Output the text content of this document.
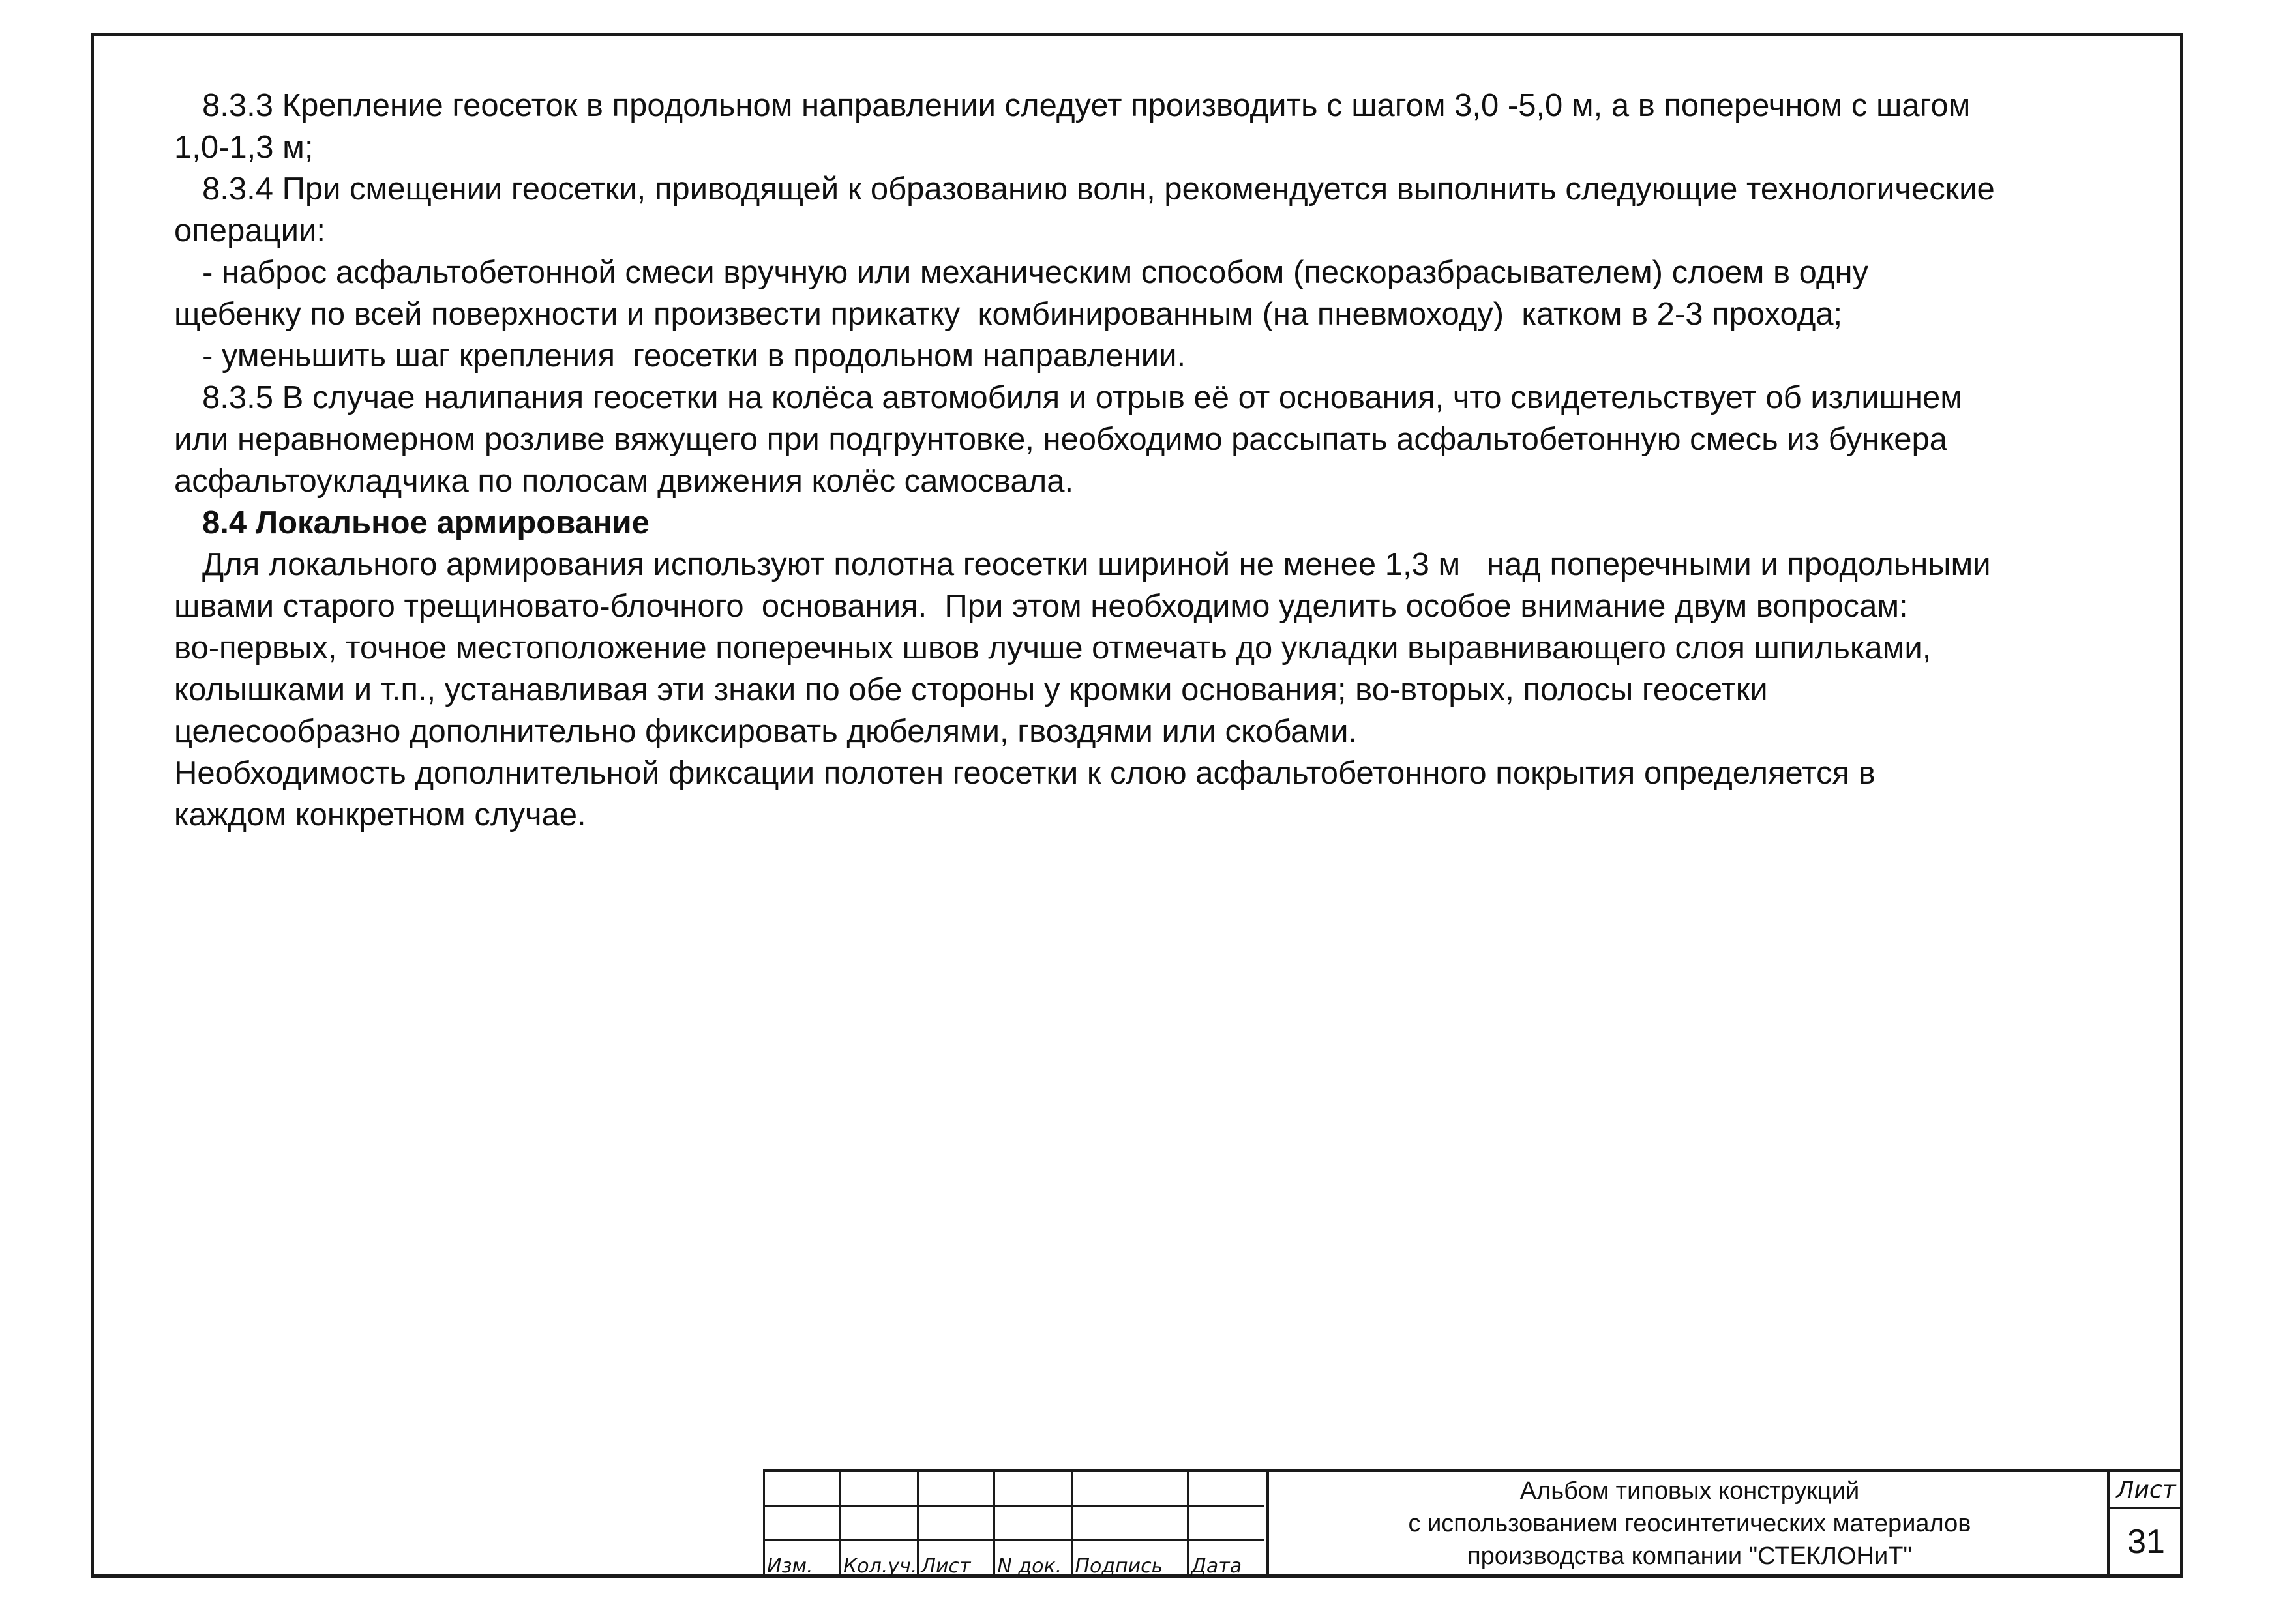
8.3.3 Крепление геосеток в продольном направлении следует производить с шагом 3,0 -5,0 м, а в поперечном с шагом

1,0-1,3 м;

8.3.4 При смещении геосетки, приводящей к образованию волн, рекомендуется выполнить следующие технологические

операции:

- наброс асфальтобетонной смеси вручную или механическим способом (пескоразбрасывателем) слоем в одну

щебенку по всей поверхности и произвести прикатку  комбинированным (на пневмоходу)  катком в 2-3 прохода;

- уменьшить шаг крепления  геосетки в продольном направлении.

8.3.5 В случае налипания геосетки на колёса автомобиля и отрыв её от основания, что свидетельствует об излишнем

или неравномерном розливе вяжущего при подгрунтовке, необходимо рассыпать асфальтобетонную смесь из бункера

асфальтоукладчика по полосам движения колёс самосвала.

8.4 Локальное армирование

Для локального армирования используют полотна геосетки шириной не менее 1,3 м   над поперечными и продольными

швами старого трещиновато-блочного  основания.  При этом необходимо уделить особое внимание двум вопросам:

во-первых, точное местоположение поперечных швов лучше отмечать до укладки выравнивающего слоя шпильками,

колышками и т.п., устанавливая эти знаки по обе стороны у кромки основания; во-вторых, полосы геосетки

целесообразно дополнительно фиксировать дюбелями, гвоздями или скобами.

Необходимость дополнительной фиксации полотен геосетки к слою асфальтобетонного покрытия определяется в

каждом конкретном случае.

Изм.	Кол.уч.	Лист	N док.	Подпись	Дата
Альбом типовых конструкций
с использованием геосинтетических материалов
производства компании "СТЕКЛОНиТ"
Лист
31
